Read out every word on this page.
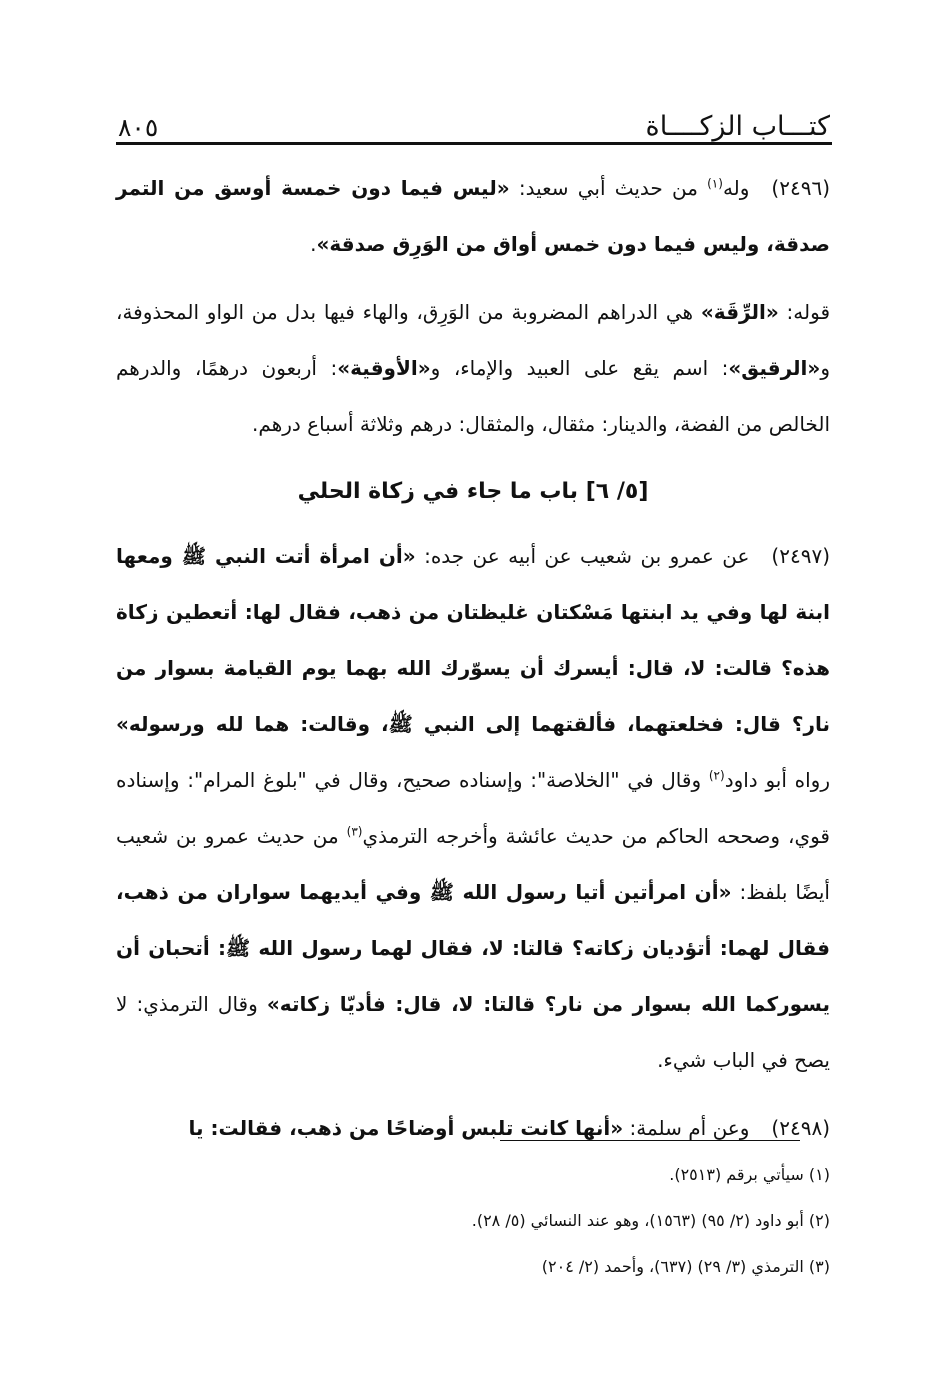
كتـــاب الزكــــاة
٨٠٥

(٢٤٩٦)وله$^{(١)}$ من حديث أبي سعيد: «ليس فيما دون خمسة أوسق من التمر صدقة، وليس فيما دون خمس أواق من الوَرِق صدقة».

قوله: «الرِّقَة» هي الدراهم المضروبة من الوَرِق، والهاء فيها بدل من الواو المحذوفة، و«الرقيق»: اسم يقع على العبيد والإماء، و«الأوقية»: أربعون درهمًا، والدرهم الخالص من الفضة، والدينار: مثقال، والمثقال: درهم وثلاثة أسباع درهم.

[٥/ ٦] باب ما جاء في زكاة الحلي

(٢٤٩٧)عن عمرو بن شعيب عن أبيه عن جده: «أن امرأة أتت النبي ﷺ ومعها ابنة لها وفي يد ابنتها مَسْكتان غليظتان من ذهب، فقال لها: أتعطين زكاة هذه؟ قالت: لا، قال: أيسرك أن يسوّرك الله بهما يوم القيامة بسوار من نار؟ قال: فخلعتهما، فألقتهما إلى النبي ﷺ، وقالت: هما لله ورسوله» رواه أبو داود$^{(٢)}$ وقال في "الخلاصة": وإسناده صحيح، وقال في "بلوغ المرام": وإسناده قوي، وصححه الحاكم من حديث عائشة وأخرجه الترمذي$^{(٣)}$ من حديث عمرو بن شعيب أيضًا بلفظ: «أن امرأتين أتيا رسول الله ﷺ وفي أيديهما سواران من ذهب، فقال لهما: أتؤديان زكاته؟ قالتا: لا، فقال لهما رسول الله ﷺ: أتحبان أن يسوركما الله بسوار من نار؟ قالتا: لا، قال: فأديّا زكاته» وقال الترمذي: لا يصح في الباب شيء.

(٢٤٩٨)وعن أم سلمة: «أنها كانت تلبس أوضاحًا من ذهب، فقالت: يا

(١) سيأتي برقم (٢٥١٣).

(٢) أبو داود (٢/ ٩٥) (١٥٦٣)، وهو عند النسائي (٥/ ٢٨).

(٣) الترمذي (٣/ ٢٩) (٦٣٧)، وأحمد (٢/ ٢٠٤)
